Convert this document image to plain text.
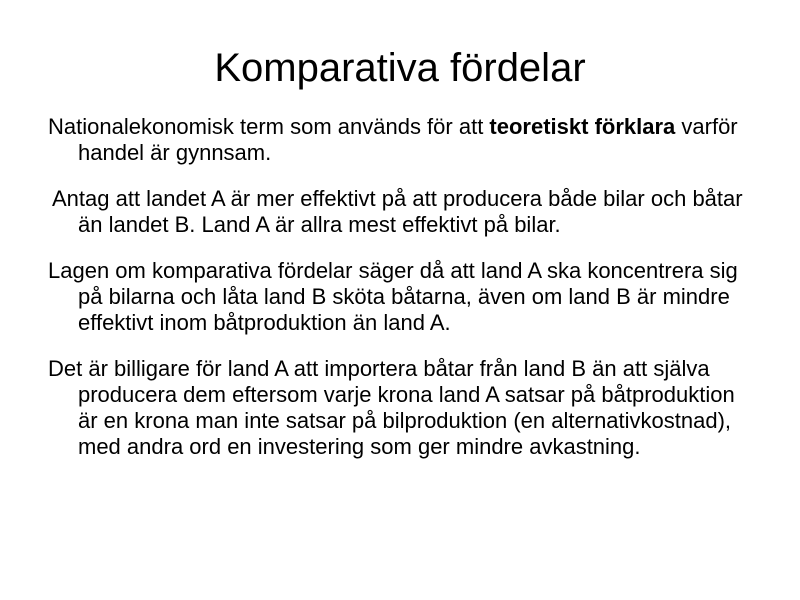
Komparativa fördelar

Nationalekonomisk term som används för att teoretiskt förklara varför handel är gynnsam.

Antag att landet A är mer effektivt på att producera både bilar och båtar än landet B. Land A är allra mest effektivt på bilar.

Lagen om komparativa fördelar säger då att land A ska koncentrera sig på bilarna och låta land B sköta båtarna, även om land B är mindre effektivt inom båtproduktion än land A.

Det är billigare för land A att importera båtar från land B än att själva producera dem eftersom varje krona land A satsar på båtproduktion är en krona man inte satsar på bilproduktion (en alternativkostnad), med andra ord en investering som ger mindre avkastning.
